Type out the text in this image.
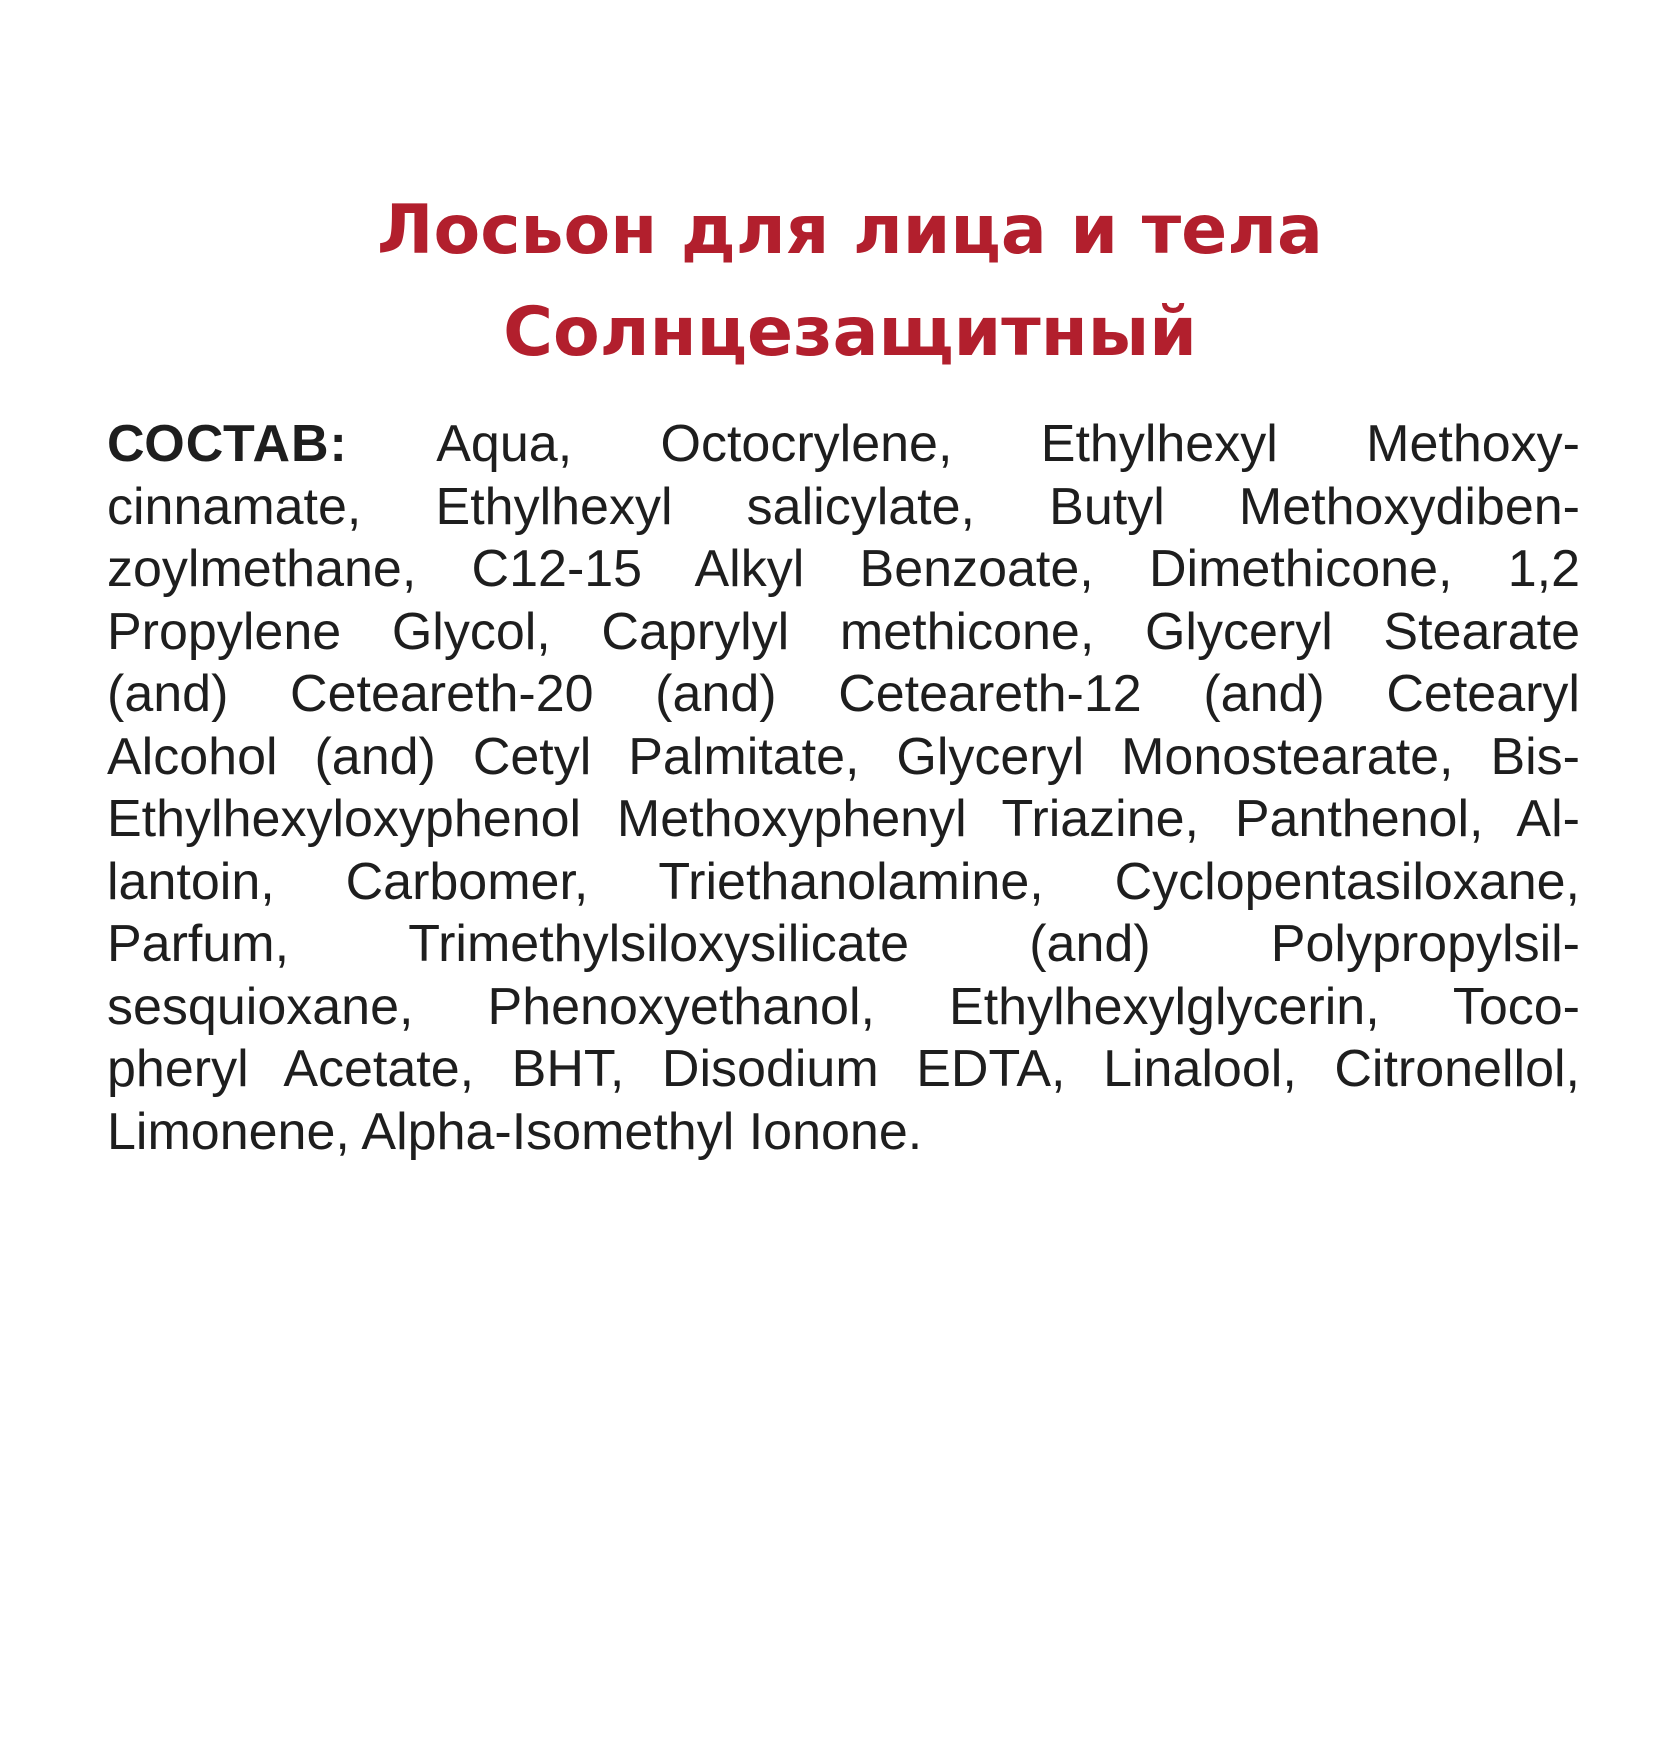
Лосьон для лица и тела
Солнцезащитный
СОСТАВ: Aqua, Octocrylene, Ethylhexyl Methoxy-
cinnamate, Ethylhexyl salicylate, Butyl Methoxydiben-
zoylmethane, C12-15 Alkyl Benzoate, Dimethicone, 1,2
Propylene Glycol, Caprylyl methicone, Glyceryl Stearate
(and) Ceteareth-20 (and) Ceteareth-12 (and) Cetearyl
Alcohol (and) Cetyl Palmitate, Glyceryl Monostearate, Bis-
Ethylhexyloxyphenol Methoxyphenyl Triazine, Panthenol, Al-
lantoin, Carbomer, Triethanolamine, Cyclopentasiloxane,
Parfum, Trimethylsiloxysilicate (and) Polypropylsil-
sesquioxane, Phenoxyethanol, Ethylhexylglycerin, Toco-
pheryl Acetate, BHT, Disodium EDTA, Linalool, Citronellol,
Limonene, Alpha-Isomethyl Ionone.
